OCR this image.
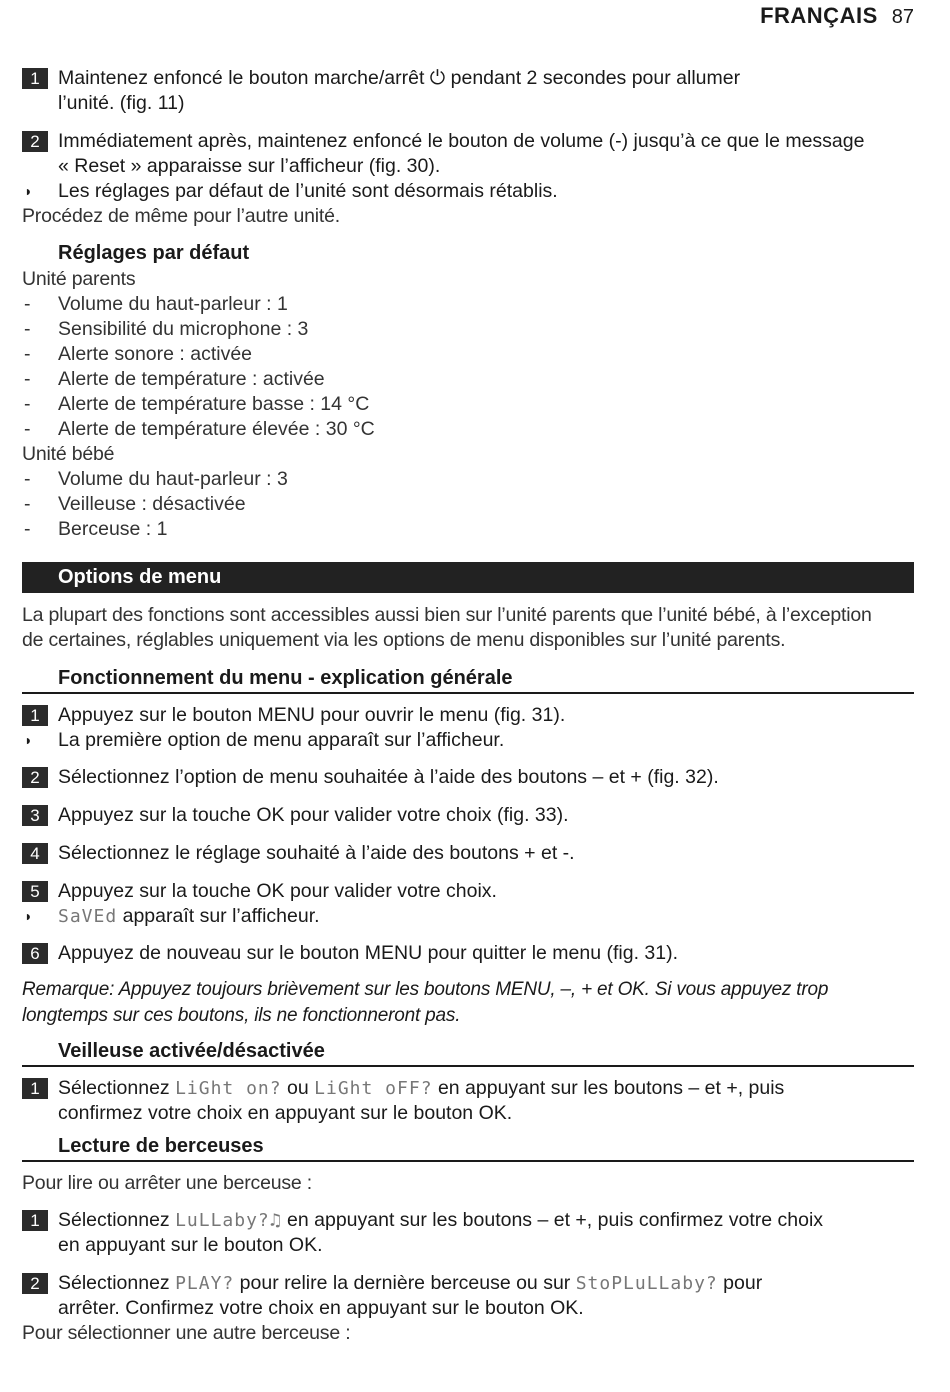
FRANÇAIS 87
1 Maintenez enfoncé le bouton marche/arrêt ⏻ pendant 2 secondes pour allumer
l’unité. (fig. 11)
2 Immédiatement après, maintenez enfoncé le bouton de volume (-) jusqu’à ce que le message
« Reset » apparaisse sur l’afficheur (fig. 30).
◗ Les réglages par défaut de l’unité sont désormais rétablis.
Procédez de même pour l’autre unité.
Réglages par défaut
Unité parents
- Volume du haut-parleur : 1
- Sensibilité du microphone : 3
- Alerte sonore : activée
- Alerte de température : activée
- Alerte de température basse : 14 °C
- Alerte de température élevée : 30 °C
Unité bébé
- Volume du haut-parleur : 3
- Veilleuse : désactivée
- Berceuse : 1
Options de menu
La plupart des fonctions sont accessibles aussi bien sur l’unité parents que l’unité bébé, à l’exception
de certaines, réglables uniquement via les options de menu disponibles sur l’unité parents.
Fonctionnement du menu - explication générale
1 Appuyez sur le bouton MENU pour ouvrir le menu (fig. 31).
◗ La première option de menu apparaît sur l’afficheur.
2 Sélectionnez l’option de menu souhaitée à l’aide des boutons – et + (fig. 32).
3 Appuyez sur la touche OK pour valider votre choix (fig. 33).
4 Sélectionnez le réglage souhaité à l’aide des boutons + et -.
5 Appuyez sur la touche OK pour valider votre choix.
◗ SaVEd apparaît sur l’afficheur.
6 Appuyez de nouveau sur le bouton MENU pour quitter le menu (fig. 31).
Remarque: Appuyez toujours brièvement sur les boutons MENU, –, + et OK. Si vous appuyez trop
longtemps sur ces boutons, ils ne fonctionneront pas.
Veilleuse activée/désactivée
1 Sélectionnez LiGht on? ou LiGht oFF? en appuyant sur les boutons – et +, puis
confirmez votre choix en appuyant sur le bouton OK.
Lecture de berceuses
Pour lire ou arrêter une berceuse :
1 Sélectionnez LuLLaby?♫ en appuyant sur les boutons – et +, puis confirmez votre choix
en appuyant sur le bouton OK.
2 Sélectionnez PLAY? pour relire la dernière berceuse ou sur StoPLuLLaby? pour
arrêter. Confirmez votre choix en appuyant sur le bouton OK.
Pour sélectionner une autre berceuse :
